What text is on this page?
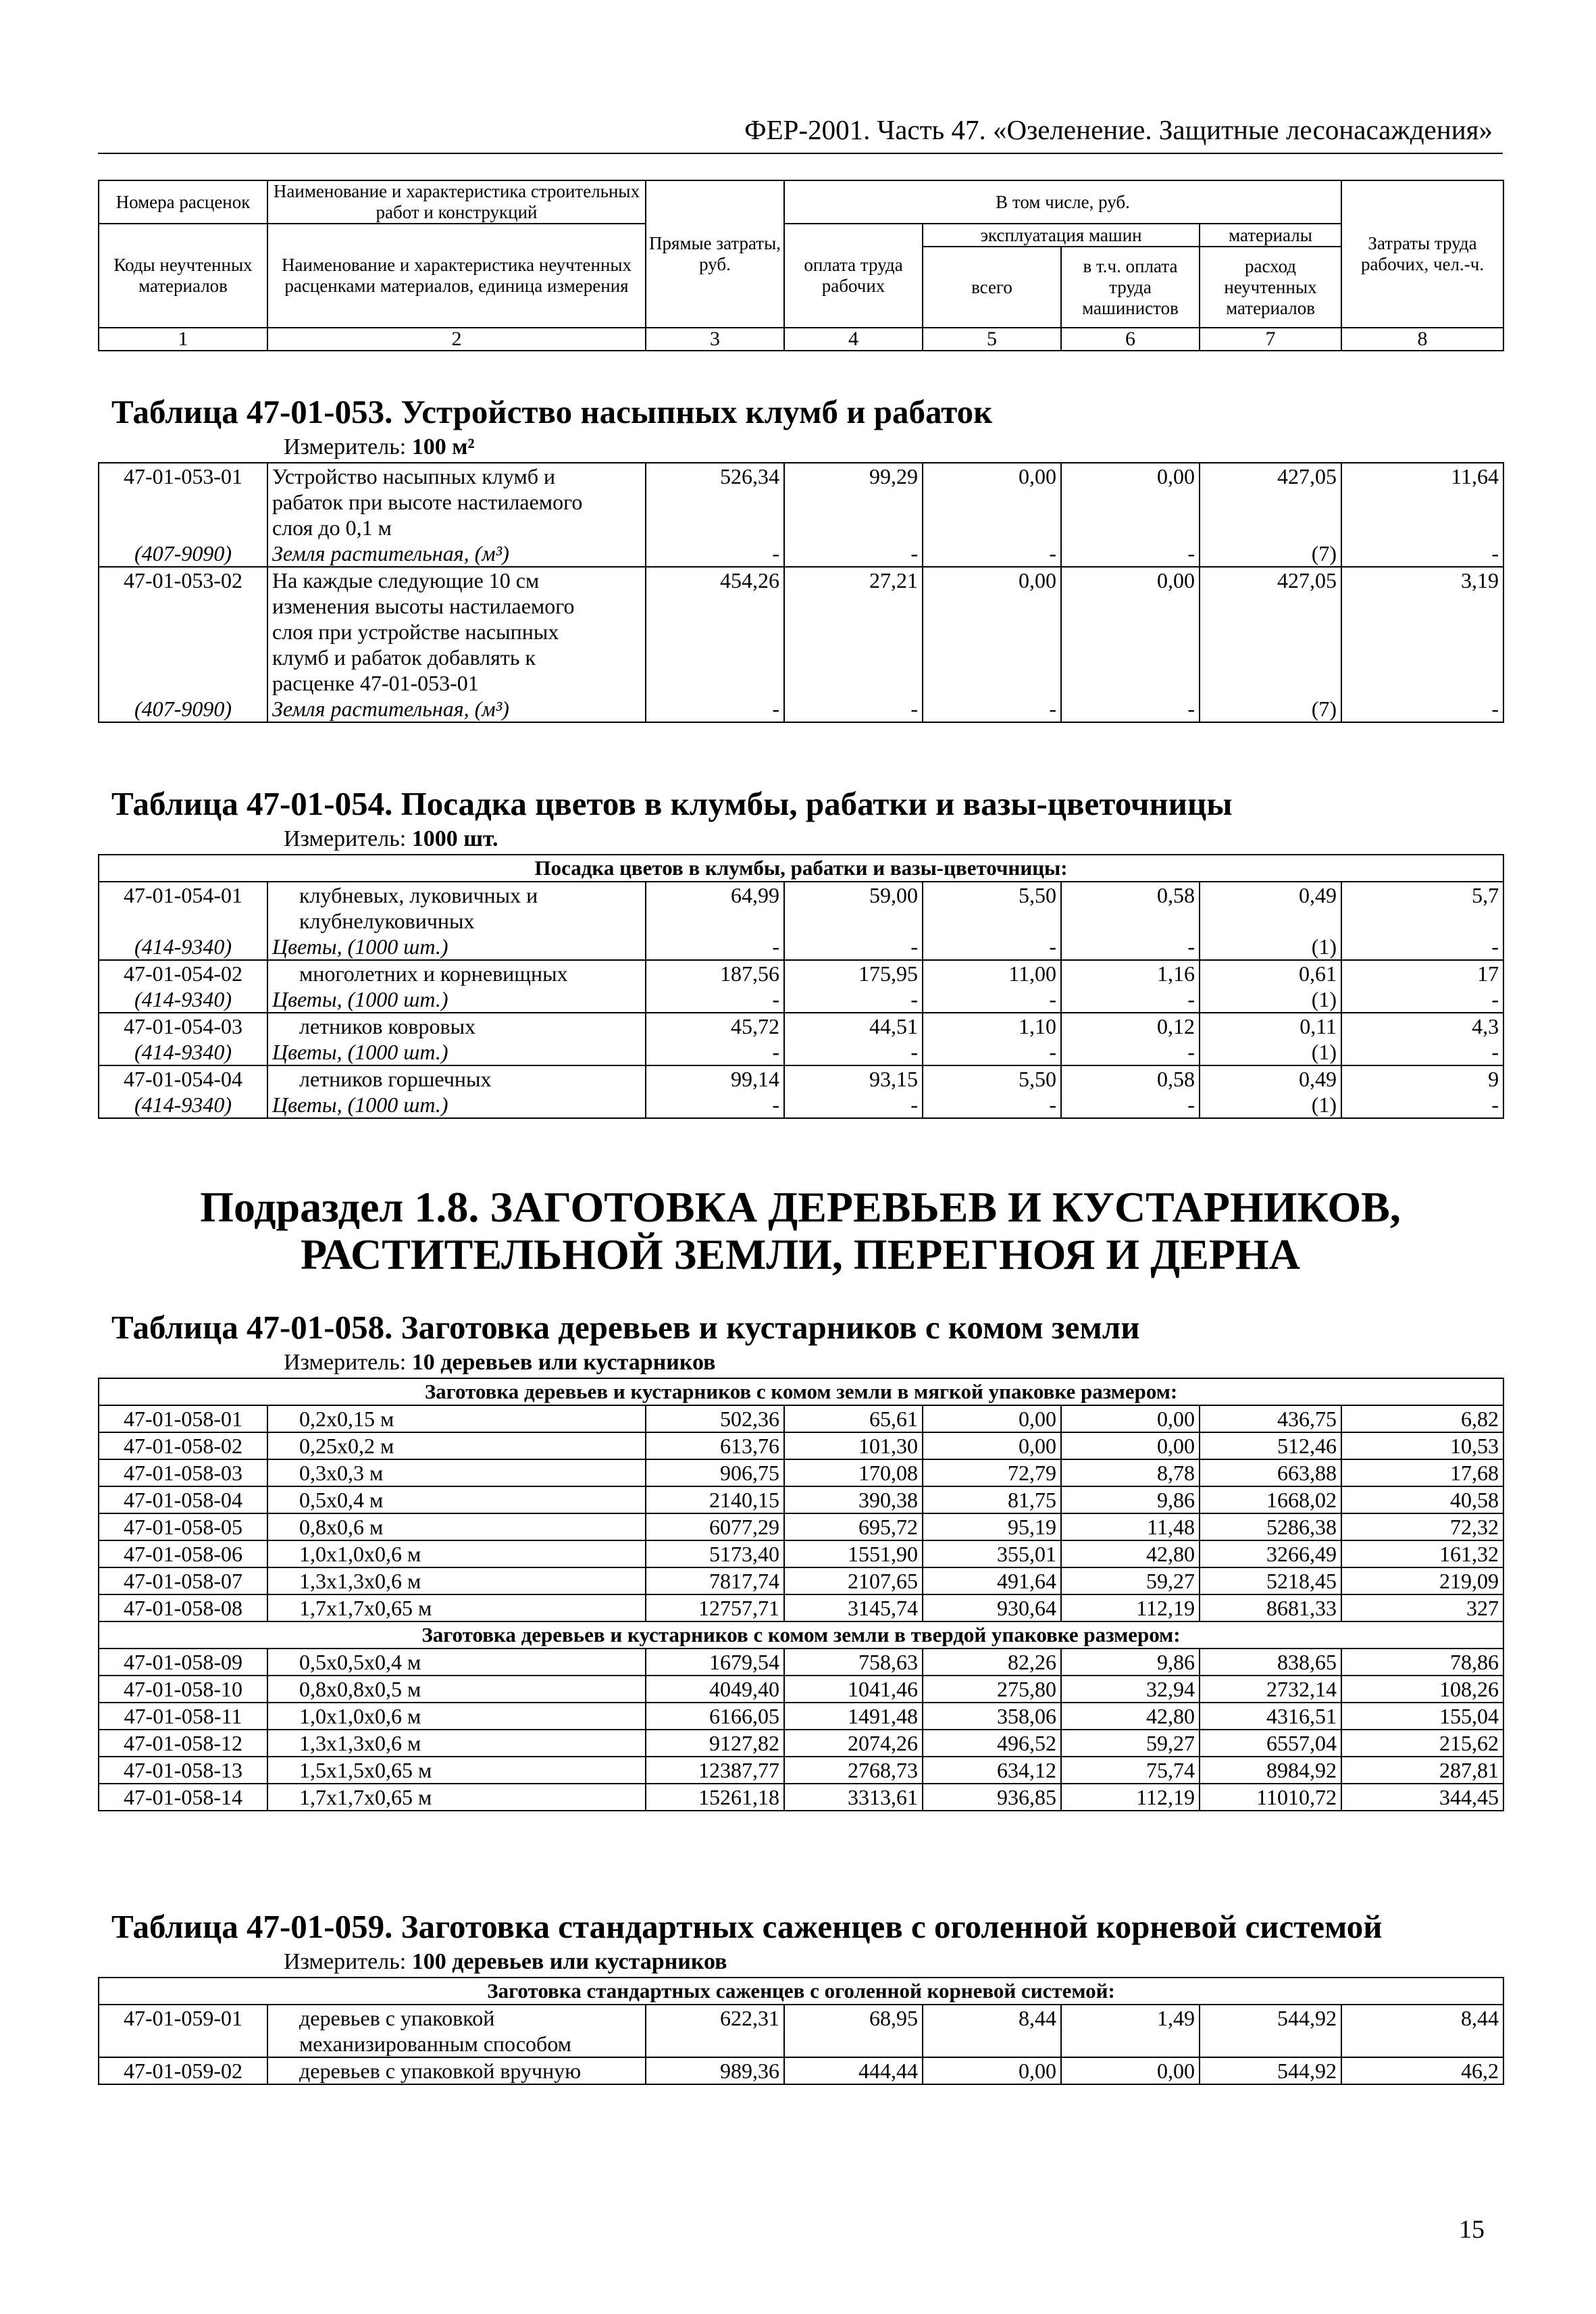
ФЕР-2001. Часть 47. «Озеленение. Защитные лесонасаждения»
Номера расценок	Наименование и характеристика строительных работ и конструкций	Прямые затраты, руб.	В том числе, руб.				Затраты труда рабочих, чел.-ч.
Коды неучтенных материалов	Наименование и характеристика неучтенных расценками материалов, единица измерения		оплата труда рабочих	эксплуатация машин		материалы	
				всего	в т.ч. оплата труда машинистов	расход неучтенных материалов	
1	2	3	4	5	6	7	8
Таблица 47-01-053. Устройство насыпных клумб и рабаток
Измеритель: 100 м²
47-01-053-01	Устройство насыпных клумб и
рабаток при высоте настилаемого
слоя до 0,1 м	526,34	99,29	0,00	0,00	427,05	11,64
(407-9090)	Земля растительная, (м³)	-	-	-	-	(7)	-
47-01-053-02	На каждые следующие 10 см
изменения высоты настилаемого
слоя при устройстве насыпных
клумб и рабаток добавлять к
расценке 47-01-053-01	454,26	27,21	0,00	0,00	427,05	3,19
(407-9090)	Земля растительная, (м³)	-	-	-	-	(7)	-
Таблица 47-01-054. Посадка цветов в клумбы, рабатки и вазы-цветочницы
Измеритель: 1000 шт.
Посадка цветов в клумбы, рабатки и вазы-цветочницы:							
47-01-054-01	клубневых, луковичных и
клубнелуковичных	64,99	59,00	5,50	0,58	0,49	5,7
(414-9340)	Цветы, (1000 шт.)	-	-	-	-	(1)	-
47-01-054-02	многолетних и корневищных	187,56	175,95	11,00	1,16	0,61	17
(414-9340)	Цветы, (1000 шт.)	-	-	-	-	(1)	-
47-01-054-03	летников ковровых	45,72	44,51	1,10	0,12	0,11	4,3
(414-9340)	Цветы, (1000 шт.)	-	-	-	-	(1)	-
47-01-054-04	летников горшечных	99,14	93,15	5,50	0,58	0,49	9
(414-9340)	Цветы, (1000 шт.)	-	-	-	-	(1)	-
Подраздел 1.8. ЗАГОТОВКА ДЕРЕВЬЕВ И КУСТАРНИКОВ,
РАСТИТЕЛЬНОЙ ЗЕМЛИ, ПЕРЕГНОЯ И ДЕРНА
Таблица 47-01-058. Заготовка деревьев и кустарников с комом земли
Измеритель: 10 деревьев или кустарников
Заготовка деревьев и кустарников с комом земли в мягкой упаковке размером:							
47-01-058-01	0,2х0,15 м	502,36	65,61	0,00	0,00	436,75	6,82
47-01-058-02	0,25х0,2 м	613,76	101,30	0,00	0,00	512,46	10,53
47-01-058-03	0,3х0,3 м	906,75	170,08	72,79	8,78	663,88	17,68
47-01-058-04	0,5х0,4 м	2140,15	390,38	81,75	9,86	1668,02	40,58
47-01-058-05	0,8х0,6 м	6077,29	695,72	95,19	11,48	5286,38	72,32
47-01-058-06	1,0х1,0х0,6 м	5173,40	1551,90	355,01	42,80	3266,49	161,32
47-01-058-07	1,3х1,3х0,6 м	7817,74	2107,65	491,64	59,27	5218,45	219,09
47-01-058-08	1,7х1,7х0,65 м	12757,71	3145,74	930,64	112,19	8681,33	327
Заготовка деревьев и кустарников с комом земли в твердой упаковке размером:							
47-01-058-09	0,5х0,5х0,4 м	1679,54	758,63	82,26	9,86	838,65	78,86
47-01-058-10	0,8х0,8х0,5 м	4049,40	1041,46	275,80	32,94	2732,14	108,26
47-01-058-11	1,0х1,0х0,6 м	6166,05	1491,48	358,06	42,80	4316,51	155,04
47-01-058-12	1,3х1,3х0,6 м	9127,82	2074,26	496,52	59,27	6557,04	215,62
47-01-058-13	1,5х1,5х0,65 м	12387,77	2768,73	634,12	75,74	8984,92	287,81
47-01-058-14	1,7х1,7х0,65 м	15261,18	3313,61	936,85	112,19	11010,72	344,45
Таблица 47-01-059. Заготовка стандартных саженцев с оголенной корневой системой
Измеритель: 100 деревьев или кустарников
Заготовка стандартных саженцев с оголенной корневой системой:							
47-01-059-01	деревьев с упаковкой
механизированным способом	622,31	68,95	8,44	1,49	544,92	8,44
47-01-059-02	деревьев с упаковкой вручную	989,36	444,44	0,00	0,00	544,92	46,2
15
